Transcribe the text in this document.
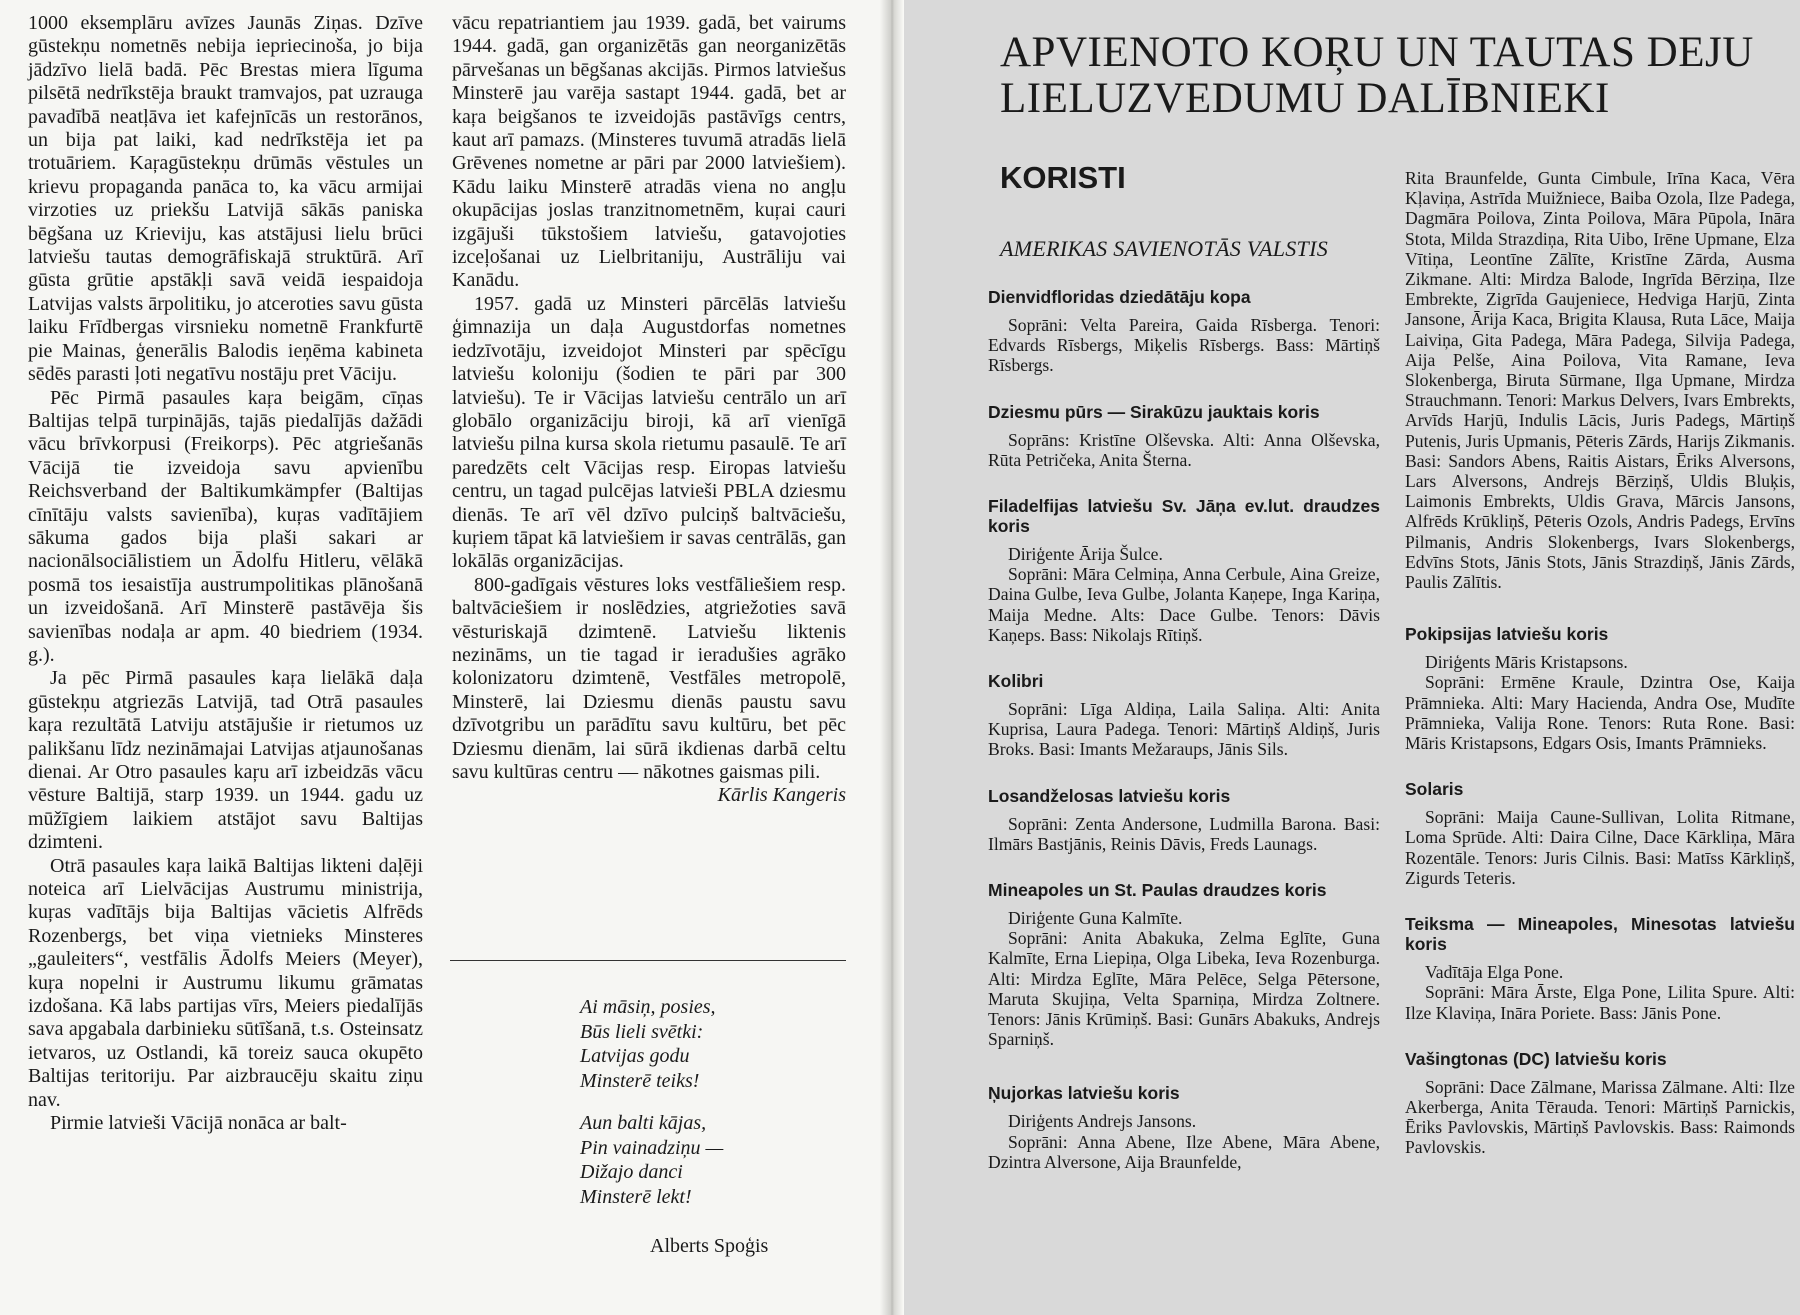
1000 eksemplāru avīzes Jaunās Ziņas. Dzīve gūstekņu nometnēs nebija iepriecinoša, jo bija jādzīvo lielā badā. Pēc Brestas miera līguma pilsētā nedrīkstēja braukt tramvajos, pat uzrauga pavadībā neatļāva iet kafejnīcās un restorānos, un bija pat laiki, kad nedrīkstēja iet pa trotuāriem. Kaŗagūstekņu drūmās vēstules un krievu propaganda panāca to, ka vācu armijai virzoties uz priekšu Latvijā sākās paniska bēgšana uz Krieviju, kas atstājusi lielu brūci latviešu tautas demogrāfiskajā struktūrā. Arī gūsta grūtie apstākļi savā veidā iespaidoja Latvijas valsts ārpolitiku, jo atceroties savu gūsta laiku Frīdbergas virsnieku nometnē Frankfurtē pie Mainas, ģenerālis Balodis ieņēma kabineta sēdēs parasti ļoti negatīvu nostāju pret Vāciju.

Pēc Pirmā pasaules kaŗa beigām, cīņas Baltijas telpā turpinājās, tajās piedalījās dažādi vācu brīvkorpusi (Freikorps). Pēc atgriešanās Vācijā tie izveidoja savu apvienību Reichsverband der Baltikumkämpfer (Baltijas cīnītāju valsts savienība), kuŗas vadītājiem sākuma gados bija plaši sakari ar nacionālsociālistiem un Ādolfu Hitleru, vēlākā posmā tos iesaistīja austrumpolitikas plānošanā un izveidošanā. Arī Minsterē pastāvēja šis savienības nodaļa ar apm. 40 biedriem (1934. g.).

Ja pēc Pirmā pasaules kaŗa lielākā daļa gūstekņu atgriezās Latvijā, tad Otrā pasaules kaŗa rezultātā Latviju atstājušie ir rietumos uz palikšanu līdz nezināmajai Latvijas atjaunošanas dienai. Ar Otro pasaules kaŗu arī izbeidzās vācu vēsture Baltijā, starp 1939. un 1944. gadu uz mūžīgiem laikiem atstājot savu Baltijas dzimteni.

Otrā pasaules kaŗa laikā Baltijas likteni daļēji noteica arī Lielvācijas Austrumu ministrija, kuŗas vadītājs bija Baltijas vācietis Alfrēds Rozenbergs, bet viņa vietnieks Minsteres „gauleiters“, vestfālis Ādolfs Meiers (Meyer), kuŗa nopelni ir Austrumu likumu grāmatas izdošana. Kā labs partijas vīrs, Meiers piedalījās sava apgabala darbinieku sūtīšanā, t.s. Osteinsatz ietvaros, uz Ostlandi, kā toreiz sauca okupēto Baltijas teritoriju. Par aizbraucēju skaitu ziņu nav.

Pirmie latvieši Vācijā nonāca ar balt-

vācu repatriantiem jau 1939. gadā, bet vairums 1944. gadā, gan organizētās gan neorganizētās pārvešanas un bēgšanas akcijās. Pirmos latviešus Minsterē jau varēja sastapt 1944. gadā, bet ar kaŗa beigšanos te izveidojās pastāvīgs centrs, kaut arī pamazs. (Minsteres tuvumā atradās lielā Grēvenes nometne ar pāri par 2000 latviešiem). Kādu laiku Minsterē atradās viena no angļu okupācijas joslas tranzitnometnēm, kuŗai cauri izgājuši tūkstošiem latviešu, gatavojoties izceļošanai uz Lielbritaniju, Austrāliju vai Kanādu.

1957. gadā uz Minsteri pārcēlās latviešu ģimnazija un daļa Augustdorfas nometnes iedzīvotāju, izveidojot Minsteri par spēcīgu latviešu koloniju (šodien te pāri par 300 latviešu). Te ir Vācijas latviešu centrālo un arī globālo organizāciju biroji, kā arī vienīgā latviešu pilna kursa skola rietumu pasaulē. Te arī paredzēts celt Vācijas resp. Eiropas latviešu centru, un tagad pulcējas latvieši PBLA dziesmu dienās. Te arī vēl dzīvo pulciņš baltvāciešu, kuŗiem tāpat kā latviešiem ir savas centrālās, gan lokālās organizācijas.

800-gadīgais vēstures loks vestfāliešiem resp. baltvāciešiem ir noslēdzies, atgriežoties savā vēsturiskajā dzimtenē. Latviešu liktenis nezināms, un tie tagad ir ieradušies agrāko kolonizatoru dzimtenē, Vestfāles metropolē, Minsterē, lai Dziesmu dienās paustu savu dzīvotgribu un parādītu savu kultūru, bet pēc Dziesmu dienām, lai sūrā ikdienas darbā celtu savu kultūras centru — nākotnes gaismas pili.

Kārlis Kangeris

Ai māsiņ, posies,
Būs lieli svētki:
Latvijas godu
Minsterē teiks!
Aun balti kājas,
Pin vainadziņu —
Dižajo danci
Minsterē lekt!
Alberts Spoģis
APVIENOTO KOŖU UN TAUTAS DEJU
LIELUZVEDUMU DALĪBNIEKI
KORISTI
AMERIKAS SAVIENOTĀS VALSTIS
Dienvidfloridas dziedātāju kopa

Soprāni: Velta Pareira, Gaida Rīsberga. Tenori: Edvards Rīsbergs, Miķelis Rīsbergs. Bass: Mārtiņš Rīsbergs.

Dziesmu pūrs — Sirakūzu jauktais koris

Soprāns: Kristīne Olševska. Alti: Anna Olševska, Rūta Petričeka, Anita Šterna.

Filadelfijas latviešu Sv. Jāņa ev.lut. draudzes koris

Diriģente Ārija Šulce.

Soprāni: Māra Celmiņa, Anna Cerbule, Aina Greize, Daina Gulbe, Ieva Gulbe, Jolanta Kaņepe, Inga Kariņa, Maija Medne. Alts: Dace Gulbe. Tenors: Dāvis Kaņeps. Bass: Nikolajs Rītiņš.

Kolibri

Soprāni: Līga Aldiņa, Laila Saliņa. Alti: Anita Kuprisa, Laura Padega. Tenori: Mārtiņš Aldiņš, Juris Broks. Basi: Imants Mežaraups, Jānis Sils.

Losandželosas latviešu koris

Soprāni: Zenta Andersone, Ludmilla Barona. Basi: Ilmārs Bastjānis, Reinis Dāvis, Freds Launags.

Mineapoles un St. Paulas draudzes koris

Diriģente Guna Kalmīte.

Soprāni: Anita Abakuka, Zelma Eglīte, Guna Kalmīte, Erna Liepiņa, Olga Libeka, Ieva Rozenburga. Alti: Mirdza Eglīte, Māra Pelēce, Selga Pētersone, Maruta Skujiņa, Velta Sparniņa, Mirdza Zoltnere. Tenors: Jānis Krūmiņš. Basi: Gunārs Abakuks, Andrejs Sparniņš.

Ņujorkas latviešu koris

Diriģents Andrejs Jansons.

Soprāni: Anna Abene, Ilze Abene, Māra Abene, Dzintra Alversone, Aija Braunfelde,

Rita Braunfelde, Gunta Cimbule, Irīna Kaca, Vēra Kļaviņa, Astrīda Muižniece, Baiba Ozola, Ilze Padega, Dagmāra Poilova, Zinta Poilova, Māra Pūpola, Ināra Stota, Milda Strazdiņa, Rita Uibo, Irēne Upmane, Elza Vītiņa, Leontīne Zālīte, Kristīne Zārda, Ausma Zikmane. Alti: Mirdza Balode, Ingrīda Bērziņa, Ilze Embrekte, Zigrīda Gaujeniece, Hedviga Harjū, Zinta Jansone, Ārija Kaca, Brigita Klausa, Ruta Lāce, Maija Laiviņa, Gita Padega, Māra Padega, Silvija Padega, Aija Pelše, Aina Poilova, Vita Ramane, Ieva Slokenberga, Biruta Sūrmane, Ilga Upmane, Mirdza Strauchmann. Tenori: Markus Delvers, Ivars Embrekts, Arvīds Harjū, Indulis Lācis, Juris Padegs, Mārtiņš Putenis, Juris Upmanis, Pēteris Zārds, Harijs Zikmanis. Basi: Sandors Abens, Raitis Aistars, Ēriks Alversons, Lars Alversons, Andrejs Bērziņš, Uldis Bluķis, Laimonis Embrekts, Uldis Grava, Mārcis Jansons, Alfrēds Krūkliņš, Pēteris Ozols, Andris Padegs, Ervīns Pilmanis, Andris Slokenbergs, Ivars Slokenbergs, Edvīns Stots, Jānis Stots, Jānis Strazdiņš, Jānis Zārds, Paulis Zālītis.

Pokipsijas latviešu koris

Diriģents Māris Kristapsons.

Soprāni: Ermēne Kraule, Dzintra Ose, Kaija Prāmnieka. Alti: Mary Hacienda, Andra Ose, Mudīte Prāmnieka, Valija Rone. Tenors: Ruta Rone. Basi: Māris Kristapsons, Edgars Osis, Imants Prāmnieks.

Solaris

Soprāni: Maija Caune-Sullivan, Lolita Ritmane, Loma Sprūde. Alti: Daira Cilne, Dace Kārkliņa, Māra Rozentāle. Tenors: Juris Cilnis. Basi: Matīss Kārkliņš, Zigurds Teteris.

Teiksma — Mineapoles, Minesotas latviešu koris

Vadītāja Elga Pone.

Soprāni: Māra Ārste, Elga Pone, Lilita Spure. Alti: Ilze Klaviņa, Ināra Poriete. Bass: Jānis Pone.

Vašingtonas (DC) latviešu koris

Soprāni: Dace Zālmane, Marissa Zālmane. Alti: Ilze Akerberga, Anita Tērauda. Tenori: Mārtiņš Parnickis, Ēriks Pavlovskis, Mārtiņš Pavlovskis. Bass: Raimonds Pavlovskis.
